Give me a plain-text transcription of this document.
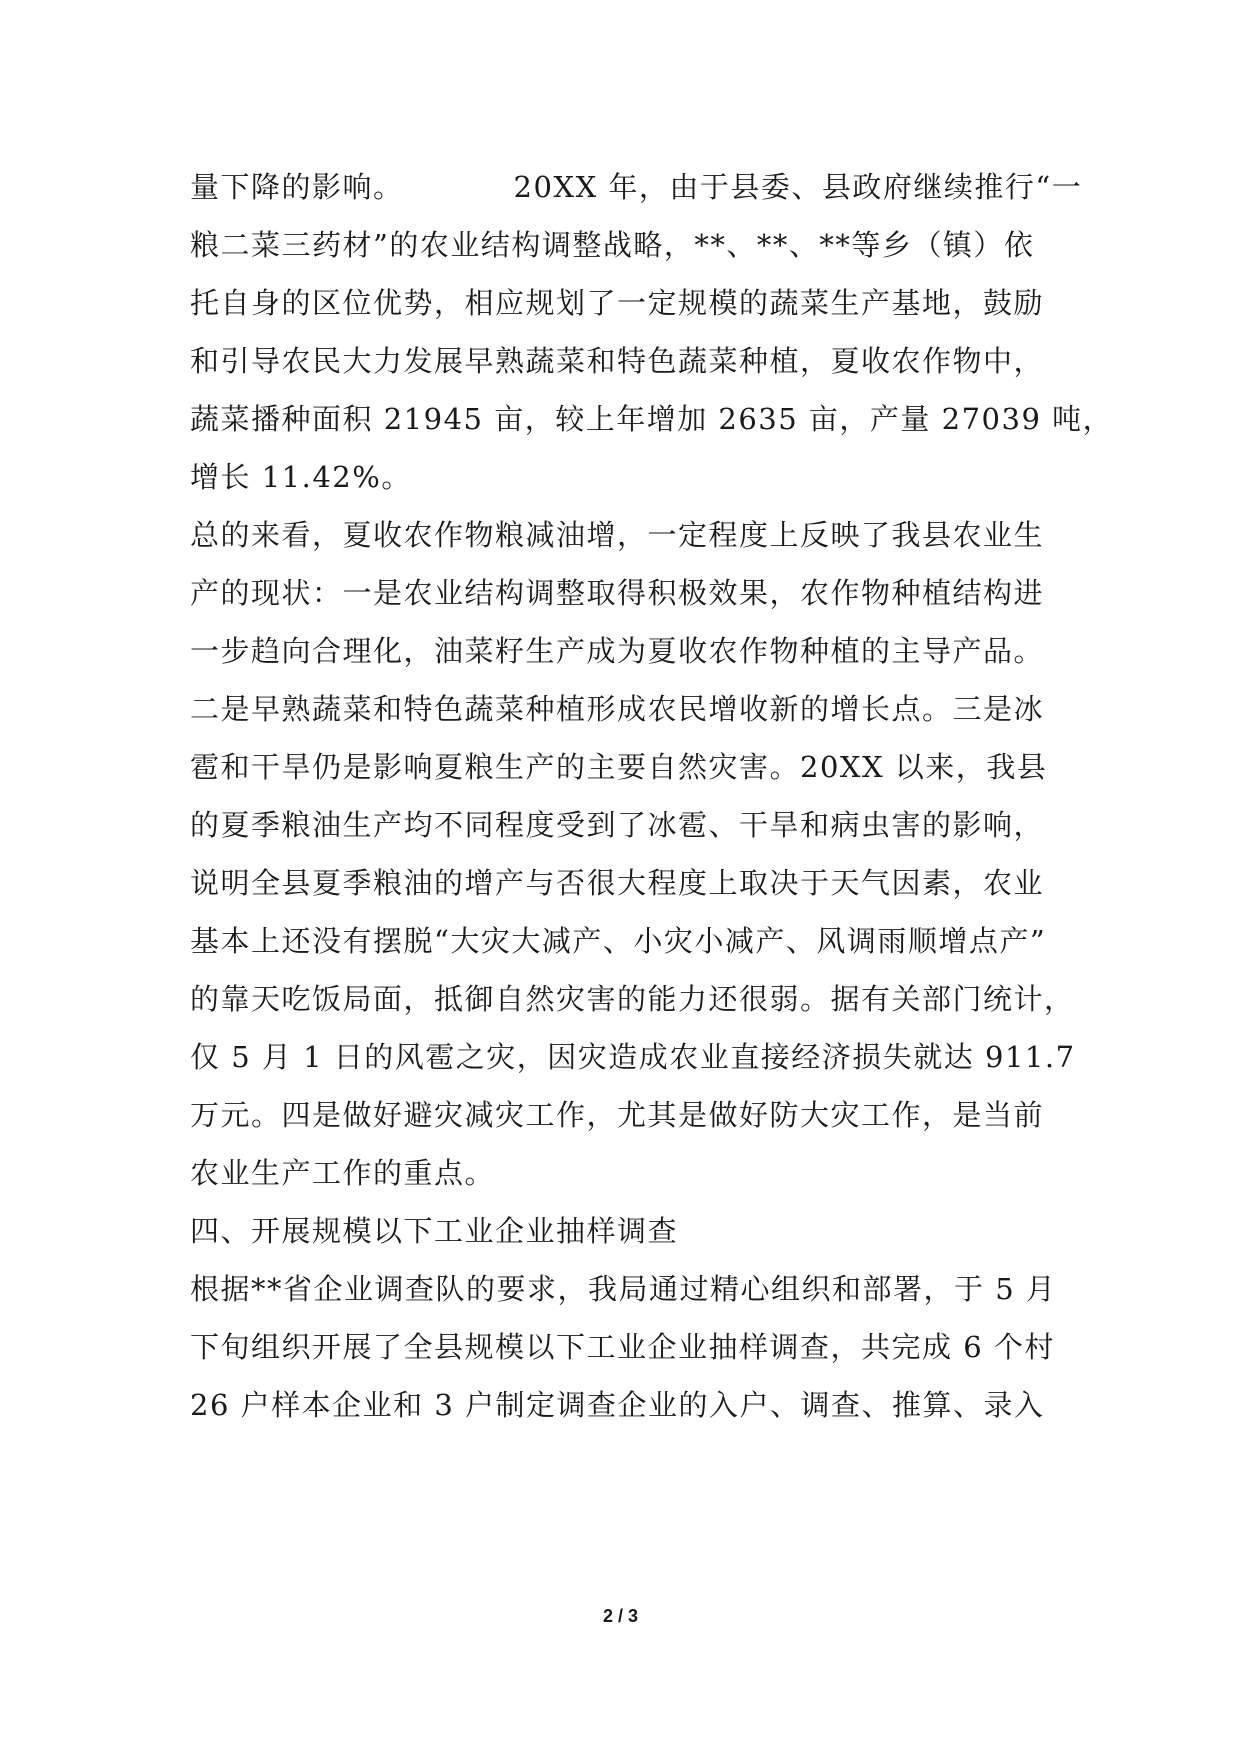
量下降的影响。	20XX 年，由于县委、县政府继续推行“一
粮二菜三药材”的农业结构调整战略，**、**、**等乡（镇）依
托自身的区位优势，相应规划了一定规模的蔬菜生产基地，鼓励
和引导农民大力发展早熟蔬菜和特色蔬菜种植，夏收农作物中，
蔬菜播种面积 21945 亩，较上年增加 2635 亩，产量 27039 吨，
增长 11.42%。
总的来看，夏收农作物粮减油增，一定程度上反映了我县农业生
产的现状：一是农业结构调整取得积极效果，农作物种植结构进
一步趋向合理化，油菜籽生产成为夏收农作物种植的主导产品。
二是早熟蔬菜和特色蔬菜种植形成农民增收新的增长点。三是冰
雹和干旱仍是影响夏粮生产的主要自然灾害。20XX 以来，我县
的夏季粮油生产均不同程度受到了冰雹、干旱和病虫害的影响，
说明全县夏季粮油的增产与否很大程度上取决于天气因素，农业
基本上还没有摆脱“大灾大减产、小灾小减产、风调雨顺增点产”
的靠天吃饭局面，抵御自然灾害的能力还很弱。据有关部门统计，
仅 5 月 1 日的风雹之灾，因灾造成农业直接经济损失就达 911.7
万元。四是做好避灾减灾工作，尤其是做好防大灾工作，是当前
农业生产工作的重点。
四、开展规模以下工业企业抽样调查
根据**省企业调查队的要求，我局通过精心组织和部署，于 5 月
下旬组织开展了全县规模以下工业企业抽样调查，共完成 6 个村
26 户样本企业和 3 户制定调查企业的入户、调查、推算、录入
2 / 3
